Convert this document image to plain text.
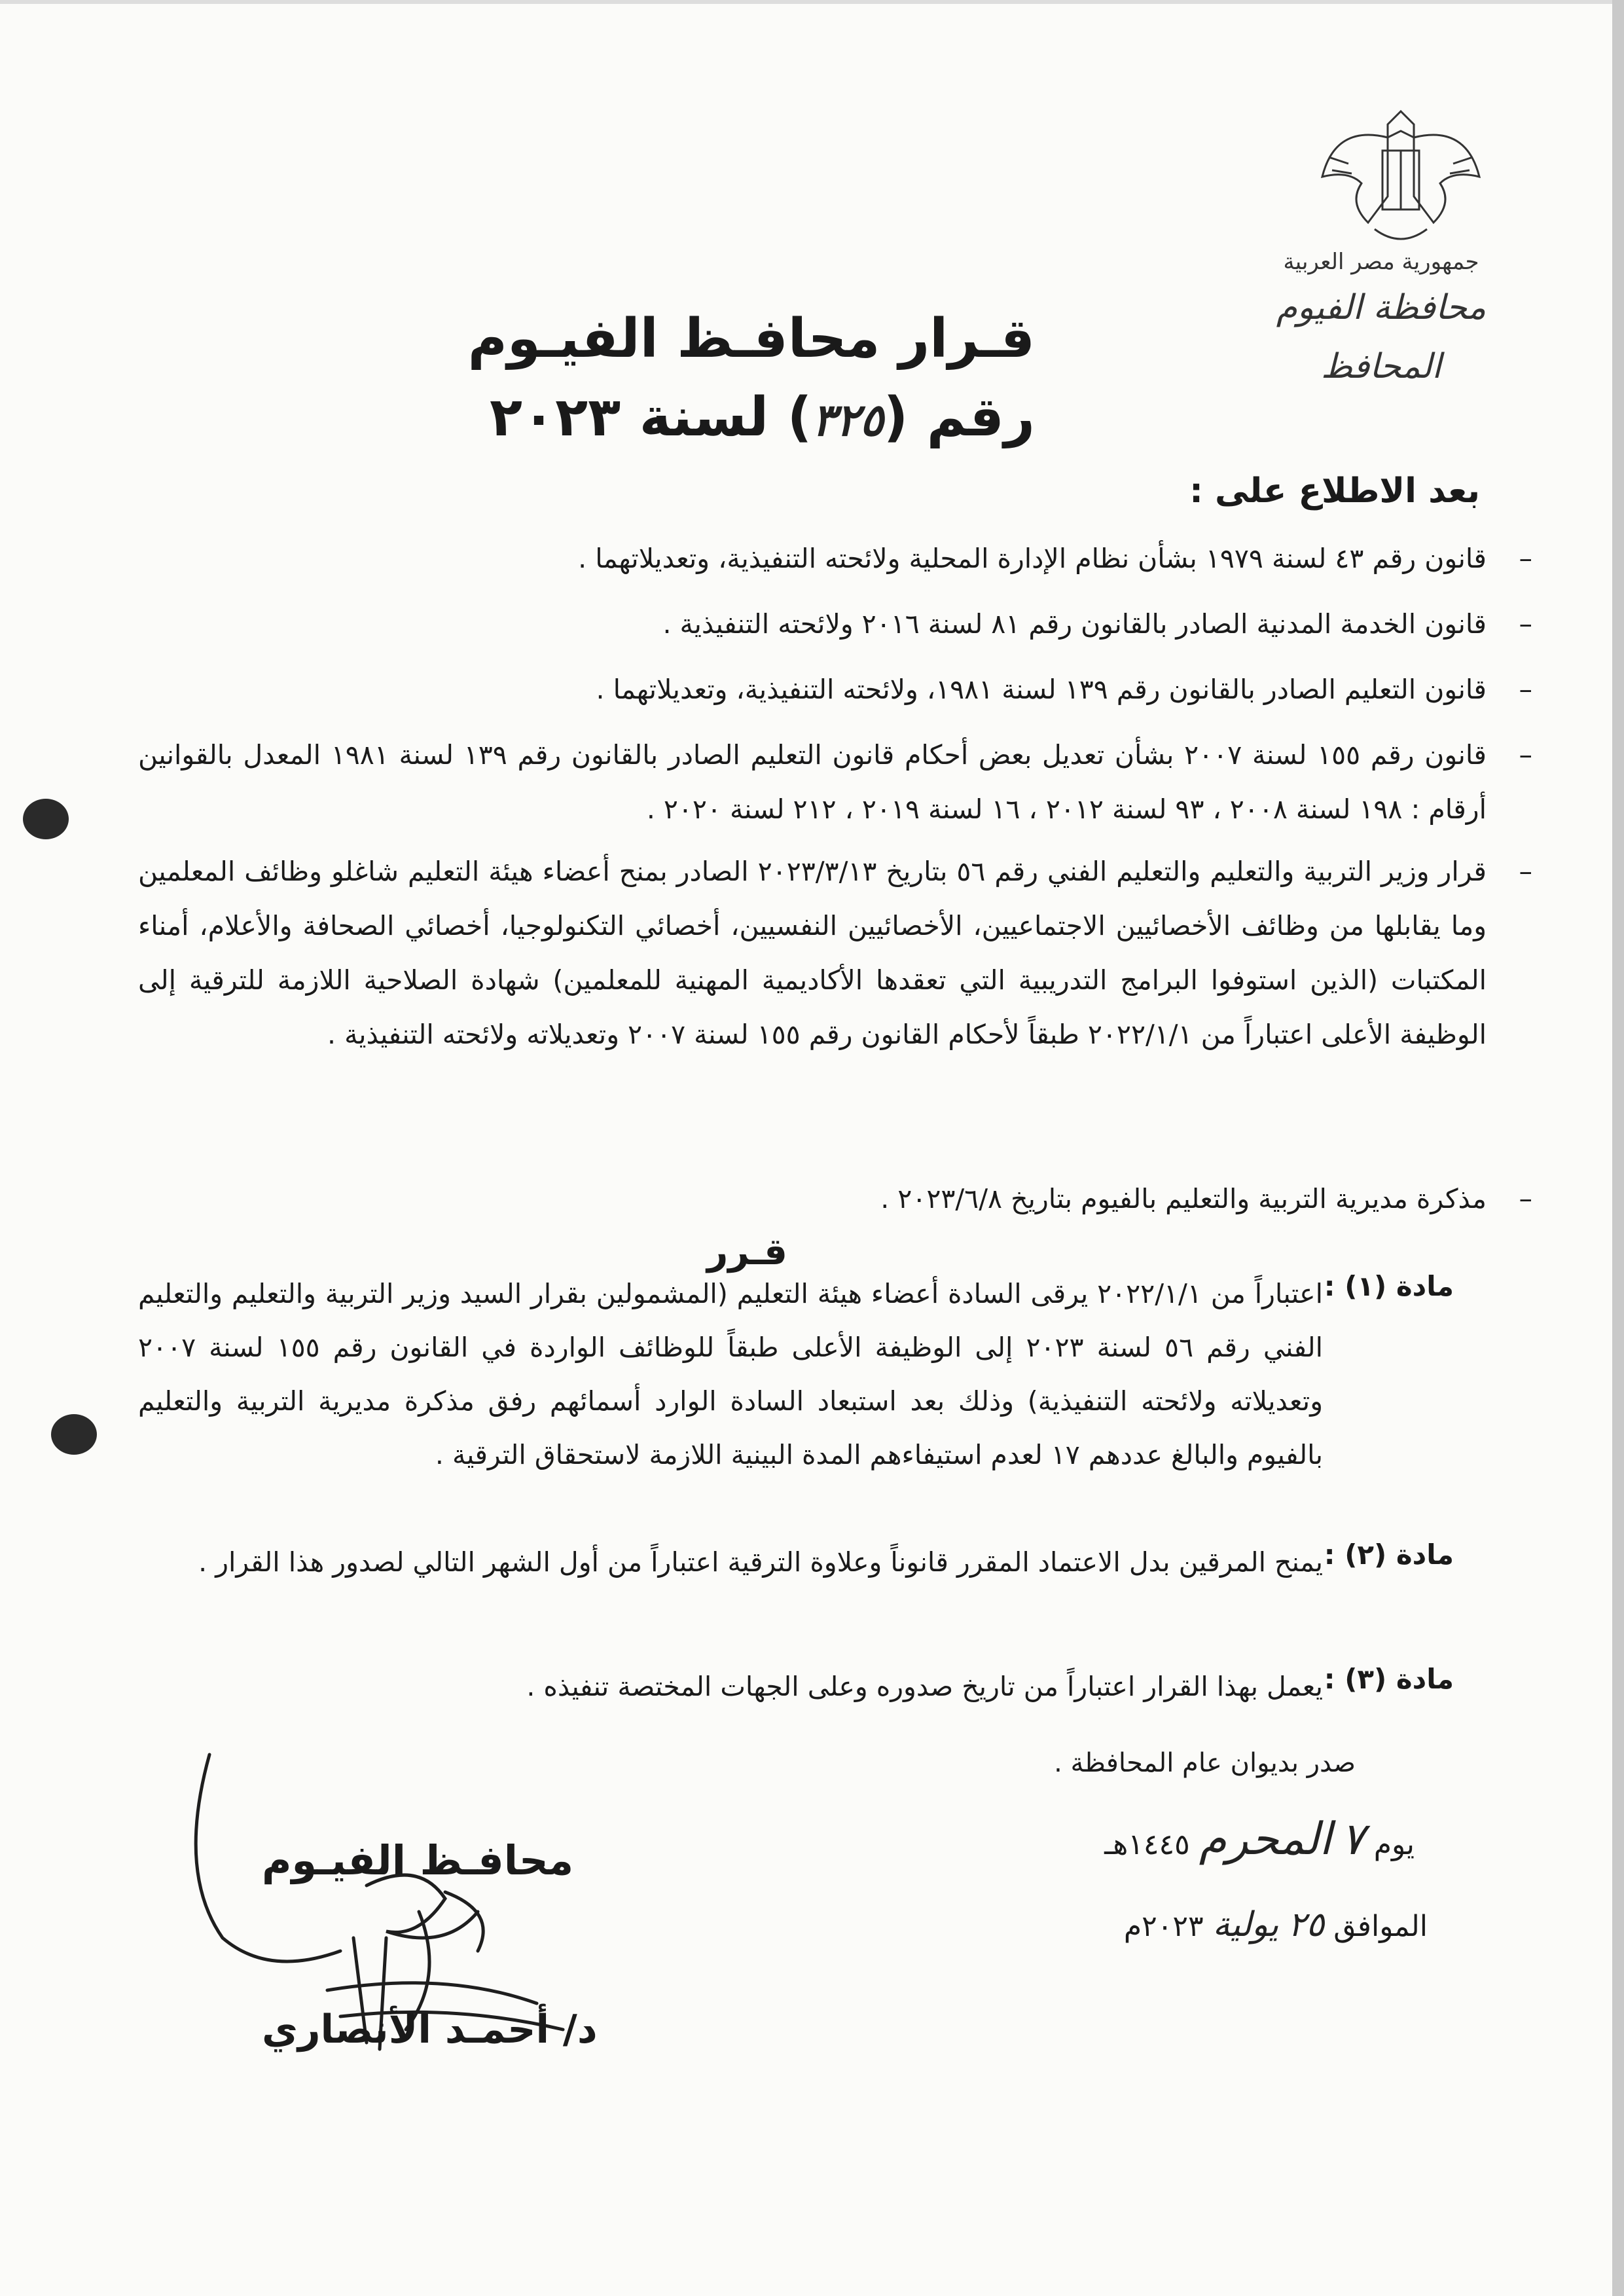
جمهورية مصر العربية
محافظة الفيوم
المحافظ
قـرار محافـظ الفيـوم
رقم (٣٢٥) لسنة ٢٠٢٣
بعد الاطلاع على :
–
قانون رقم ٤٣ لسنة ١٩٧٩ بشأن نظام الإدارة المحلية ولائحته التنفيذية، وتعديلاتهما .
–
قانون الخدمة المدنية الصادر بالقانون رقم ٨١ لسنة ٢٠١٦ ولائحته التنفيذية .
–
قانون التعليم الصادر بالقانون رقم ١٣٩ لسنة ١٩٨١، ولائحته التنفيذية، وتعديلاتهما .
–
قانون رقم ١٥٥ لسنة ٢٠٠٧ بشأن تعديل بعض أحكام قانون التعليم الصادر بالقانون رقم ١٣٩ لسنة ١٩٨١ المعدل بالقوانين أرقام : ١٩٨ لسنة ٢٠٠٨ ، ٩٣ لسنة ٢٠١٢ ، ١٦ لسنة ٢٠١٩ ، ٢١٢ لسنة ٢٠٢٠ .
–
قرار وزير التربية والتعليم والتعليم الفني رقم ٥٦ بتاريخ ٢٠٢٣/٣/١٣ الصادر بمنح أعضاء هيئة التعليم شاغلو وظائف المعلمين وما يقابلها من وظائف الأخصائيين الاجتماعيين، الأخصائيين النفسيين، أخصائي التكنولوجيا، أخصائي الصحافة والأعلام، أمناء المكتبات (الذين استوفوا البرامج التدريبية التي تعقدها الأكاديمية المهنية للمعلمين) شهادة الصلاحية اللازمة للترقية إلى الوظيفة الأعلى اعتباراً من ٢٠٢٢/١/١ طبقاً لأحكام القانون رقم ١٥٥ لسنة ٢٠٠٧ وتعديلاته ولائحته التنفيذية .
–
مذكرة مديرية التربية والتعليم بالفيوم بتاريخ ٢٠٢٣/٦/٨ .
قـرر
مادة (١) :
اعتباراً من ٢٠٢٢/١/١ يرقى السادة أعضاء هيئة التعليم (المشمولين بقرار السيد وزير التربية والتعليم والتعليم الفني رقم ٥٦ لسنة ٢٠٢٣ إلى الوظيفة الأعلى طبقاً للوظائف الواردة في القانون رقم ١٥٥ لسنة ٢٠٠٧ وتعديلاته ولائحته التنفيذية) وذلك بعد استبعاد السادة الوارد أسمائهم رفق مذكرة مديرية التربية والتعليم بالفيوم والبالغ عددهم ١٧ لعدم استيفاءهم المدة البينية اللازمة لاستحقاق الترقية .
مادة (٢) :
يمنح المرقين بدل الاعتماد المقرر قانوناً وعلاوة الترقية اعتباراً من أول الشهر التالي لصدور هذا القرار .
مادة (٣) :
يعمل بهذا القرار اعتباراً من تاريخ صدوره وعلى الجهات المختصة تنفيذه .
صدر بديوان عام المحافظة .
يوم ٧ المحرم ١٤٤٥هـ
الموافق ٢٥ يولية ٢٠٢٣م
محافـظ الفيـوم
د/ أحمـد الأنصاري
